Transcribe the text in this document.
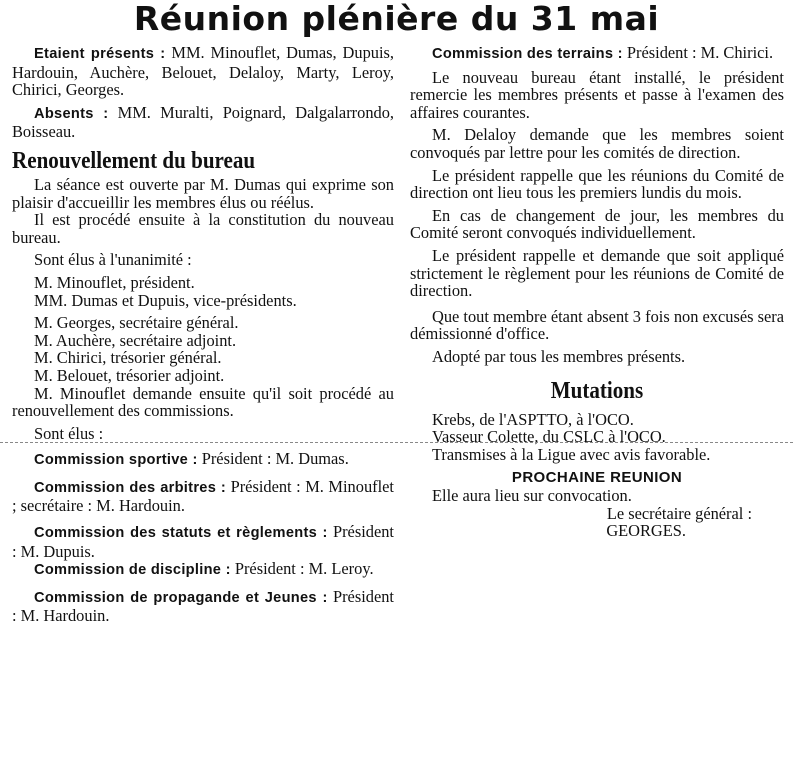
Réunion plénière du 31 mai

Etaient présents : MM. Minouflet, Dumas, Dupuis, Hardouin, Auchère, Belouet, Delaloy, Marty, Leroy, Chirici, Georges.

Absents : MM. Muralti, Poignard, Dalgalarrondo, Boisseau.

Renouvellement du bureau

La séance est ouverte par M. Dumas qui exprime son plaisir d'accueillir les membres élus ou réélus.

Il est procédé ensuite à la constitution du nouveau bureau.

Sont élus à l'unanimité :

M. Minouflet, président.

MM. Dumas et Dupuis, vice-présidents.

M. Georges, secrétaire général.

M. Auchère, secrétaire adjoint.

M. Chirici, trésorier général.

M. Belouet, trésorier adjoint.

M. Minouflet demande ensuite qu'il soit procédé au renouvellement des commissions.

Sont élus :

Commission sportive : Président : M. Dumas.

Commission des arbitres : Président : M. Minouflet ; secrétaire : M. Hardouin.

Commission des statuts et règlements : Président : M. Dupuis.

Commission de discipline : Président : M. Leroy.

Commission de propagande et Jeunes : Président : M. Hardouin.

Commission des terrains : Président : M. Chirici.

Le nouveau bureau étant installé, le président remercie les membres présents et passe à l'examen des affaires courantes.

M. Delaloy demande que les membres soient convoqués par lettre pour les comités de direction.

Le président rappelle que les réunions du Comité de direction ont lieu tous les premiers lundis du mois.

En cas de changement de jour, les membres du Comité seront convoqués individuellement.

Le président rappelle et demande que soit appliqué strictement le règlement pour les réunions de Comité de direction.

Que tout membre étant absent 3 fois non excusés sera démissionné d'office.

Adopté par tous les membres présents.

Mutations

Krebs, de l'ASPTTO, à l'OCO.

Vasseur Colette, du CSLC à l'OCO.

Transmises à la Ligue avec avis favorable.

PROCHAINE REUNION

Elle aura lieu sur convocation.

Le secrétaire général :

GEORGES.
